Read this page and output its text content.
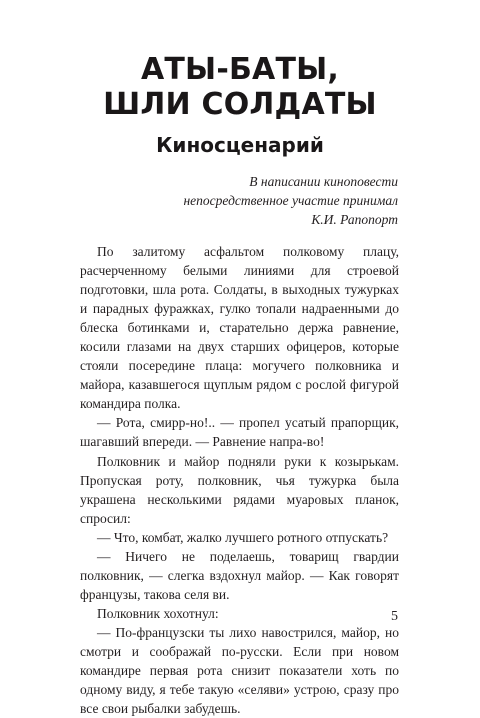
АТЫ-БАТЫ,
ШЛИ СОЛДАТЫ
Киносценарий
В написании киноповести
непосредственное участие принимал
К.И. Рапопорт

По залитому асфальтом полковому плацу, расчерченному белыми линиями для строевой подготовки, шла рота. Солдаты, в выходных тужурках и парадных фуражках, гулко топали надраенными до блеска ботинками и, старательно держа равнение, косили глазами на двух старших офицеров, которые стояли посередине плаца: могучего полковника и майора, казавшегося щуплым рядом с рослой фигурой командира полка.

— Рота, смирр-но!.. — пропел усатый прапорщик, шагавший впереди. — Равнение напра-во!

Полковник и майор подняли руки к козырькам. Пропуская роту, полковник, чья тужурка была украшена несколькими рядами муаровых планок, спросил:

— Что, комбат, жалко лучшего ротного отпускать?

— Ничего не поделаешь, товарищ гвардии полковник, — слегка вздохнул майор. — Как говорят французы, такова селя ви.

Полковник хохотнул:

— По-французски ты лихо навострился, майор, но смотри и соображай по-русски. Если при новом командире первая рота снизит показатели хоть по одному виду, я тебе такую «селяви» устрою, сразу про все свои рыбалки забудешь.

5
